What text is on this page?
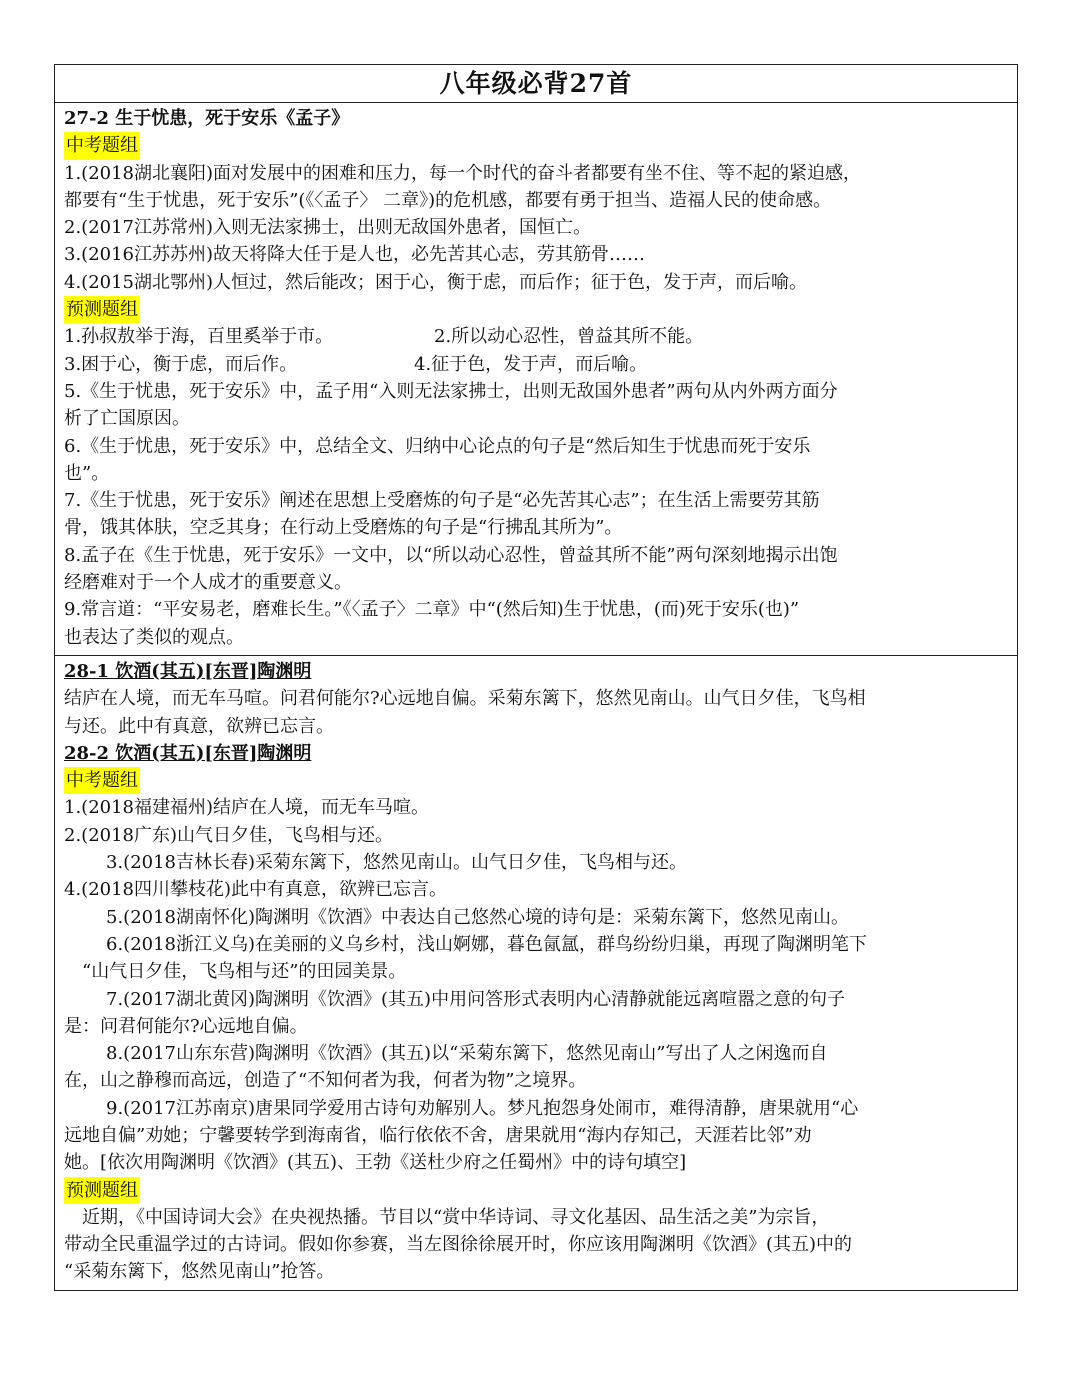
八年级必背27首
27-2 生于忧患，死于安乐《孟子》
中考题组
1.(2018湖北襄阳)面对发展中的困难和压力，每一个时代的奋斗者都要有坐不住、等不起的紧迫感，
都要有“生于忧患，死于安乐”(《〈孟子〉 二章》)的危机感，都要有勇于担当、造福人民的使命感。
2.(2017江苏常州)入则无法家拂士，出则无敌国外患者，国恒亡。
3.(2016江苏苏州)故天将降大任于是人也，必先苦其心志，劳其筋骨……
4.(2015湖北鄂州)人恒过，然后能改；困于心，衡于虑，而后作；征于色，发于声，而后喻。
预测题组
1.孙叔敖举于海，百里奚举于市。	2.所以动心忍性，曾益其所不能。
3.困于心，衡于虑，而后作。	4.征于色，发于声，而后喻。
5.《生于忧患，死于安乐》中，孟子用“入则无法家拂士，出则无敌国外患者”两句从内外两方面分
析了亡国原因。
6.《生于忧患，死于安乐》中，总结全文、归纳中心论点的句子是“然后知生于忧患而死于安乐
也”。
7.《生于忧患，死于安乐》阐述在思想上受磨炼的句子是“必先苦其心志”；在生活上需要劳其筋
骨，饿其体肤，空乏其身；在行动上受磨炼的句子是“行拂乱其所为”。
8.孟子在《生于忧患，死于安乐》一文中，以“所以动心忍性，曾益其所不能”两句深刻地揭示出饱
经磨难对于一个人成才的重要意义。
9.常言道：“平安易老，磨难长生。”《〈孟子〉二章》中“(然后知)生于忧患，(而)死于安乐(也)”
也表达了类似的观点。
28-1 饮酒(其五)[东晋]陶渊明
结庐在人境，而无车马喧。问君何能尔?心远地自偏。采菊东篱下，悠然见南山。山气日夕佳，飞鸟相
与还。此中有真意，欲辨已忘言。
28-2 饮酒(其五)[东晋]陶渊明
中考题组
1.(2018福建福州)结庐在人境，而无车马喧。
2.(2018广东)山气日夕佳，飞鸟相与还。
3.(2018吉林长春)采菊东篱下，悠然见南山。山气日夕佳，飞鸟相与还。
4.(2018四川攀枝花)此中有真意，欲辨已忘言。
5.(2018湖南怀化)陶渊明《饮酒》中表达自己悠然心境的诗句是：采菊东篱下，悠然见南山。
6.(2018浙江义乌)在美丽的义乌乡村，浅山婀娜，暮色氤氲，群鸟纷纷归巢，再现了陶渊明笔下
“山气日夕佳，飞鸟相与还”的田园美景。
7.(2017湖北黄冈)陶渊明《饮酒》(其五)中用问答形式表明内心清静就能远离喧嚣之意的句子
是：问君何能尔?心远地自偏。
8.(2017山东东营)陶渊明《饮酒》(其五)以“采菊东篱下，悠然见南山”写出了人之闲逸而自
在，山之静穆而高远，创造了“不知何者为我，何者为物”之境界。
9.(2017江苏南京)唐果同学爱用古诗句劝解别人。梦凡抱怨身处闹市，难得清静，唐果就用“心
远地自偏”劝她；宁馨要转学到海南省，临行依依不舍，唐果就用“海内存知己，天涯若比邻”劝
她。[依次用陶渊明《饮酒》(其五)、王勃《送杜少府之任蜀州》中的诗句填空]
预测题组
近期，《中国诗词大会》在央视热播。节目以“赏中华诗词、寻文化基因、品生活之美”为宗旨，
带动全民重温学过的古诗词。假如你参赛，当左图徐徐展开时，你应该用陶渊明《饮酒》(其五)中的
“采菊东篱下，悠然见南山”抢答。
